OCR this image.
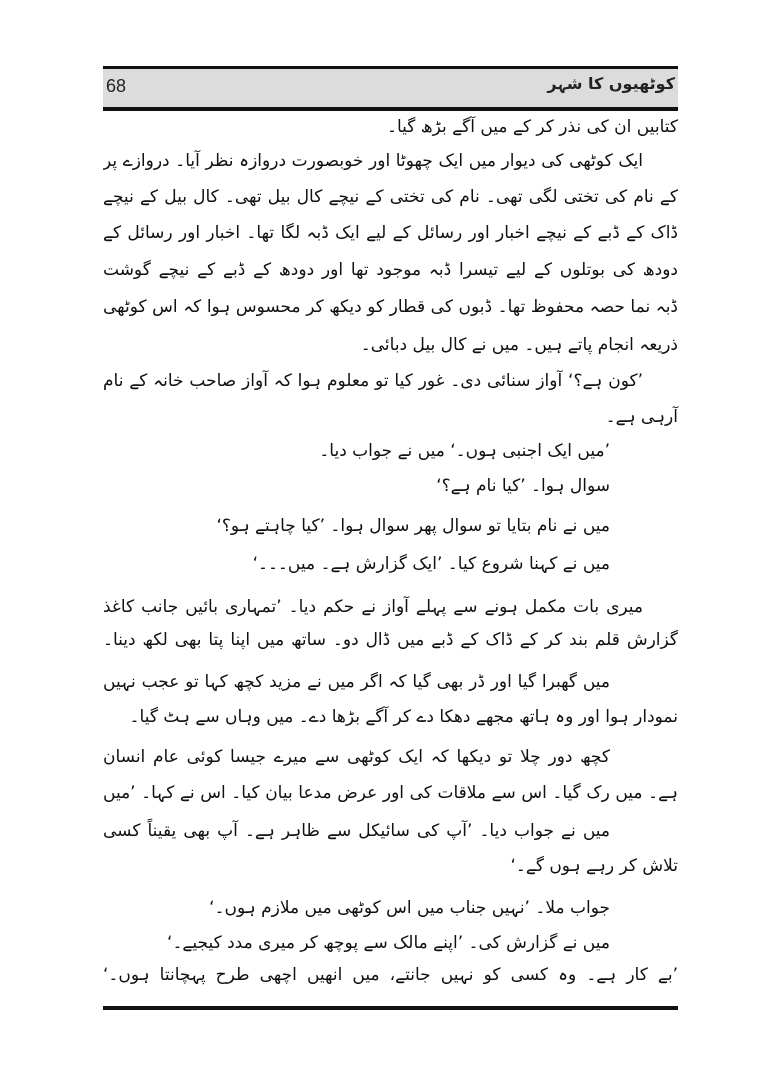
68	کوٹھیوں کا شہر
کتابیں ان کی نذر کر کے میں آگے بڑھ گیا۔
ایک کوٹھی کی دیوار میں ایک چھوٹا اور خوبصورت دروازہ نظر آیا۔ دروازے پر
کے نام کی تختی لگی تھی۔ نام کی تختی کے نیچے کال بیل تھی۔ کال بیل کے نیچے
ڈاک کے ڈبے کے نیچے اخبار اور رسائل کے لیے ایک ڈبہ لگا تھا۔ اخبار اور رسائل کے
دودھ کی بوتلوں کے لیے تیسرا ڈبہ موجود تھا اور دودھ کے ڈبے کے نیچے گوشت
ڈبہ نما حصہ محفوظ تھا۔ ڈبوں کی قطار کو دیکھ کر محسوس ہوا کہ اس کوٹھی
ذریعہ انجام پاتے ہیں۔ میں نے کال بیل دبائی۔
’کون ہے؟‘ آواز سنائی دی۔ غور کیا تو معلوم ہوا کہ آواز صاحب خانہ کے نام
آرہی ہے۔
’میں ایک اجنبی ہوں۔‘ میں نے جواب دیا۔
سوال ہوا۔ ’کیا نام ہے؟‘
میں نے نام بتایا تو سوال پھر سوال ہوا۔ ’کیا چاہتے ہو؟‘
میں نے کہنا شروع کیا۔ ’ایک گزارش ہے۔ میں۔۔۔‘
میری بات مکمل ہونے سے پہلے آواز نے حکم دیا۔ ’تمہاری بائیں جانب کاغذ
گزارش قلم بند کر کے ڈاک کے ڈبے میں ڈال دو۔ ساتھ میں اپنا پتا بھی لکھ دینا۔
میں گھبرا گیا اور ڈر بھی گیا کہ اگر میں نے مزید کچھ کہا تو عجب نہیں
نمودار ہوا اور وہ ہاتھ مجھے دھکا دے کر آگے بڑھا دے۔ میں وہاں سے ہٹ گیا۔
کچھ دور چلا تو دیکھا کہ ایک کوٹھی سے میرے جیسا کوئی عام انسان
ہے۔ میں رک گیا۔ اس سے ملاقات کی اور عرض مدعا بیان کیا۔ اس نے کہا۔ ’میں
میں نے جواب دیا۔ ’آپ کی سائیکل سے ظاہر ہے۔ آپ بھی یقیناً کسی
تلاش کر رہے ہوں گے۔‘
جواب ملا۔ ’نہیں جناب میں اس کوٹھی میں ملازم ہوں۔‘
میں نے گزارش کی۔ ’اپنے مالک سے پوچھ کر میری مدد کیجیے۔‘
’بے کار ہے۔ وہ کسی کو نہیں جانتے، میں انھیں اچھی طرح پہچانتا ہوں۔‘
